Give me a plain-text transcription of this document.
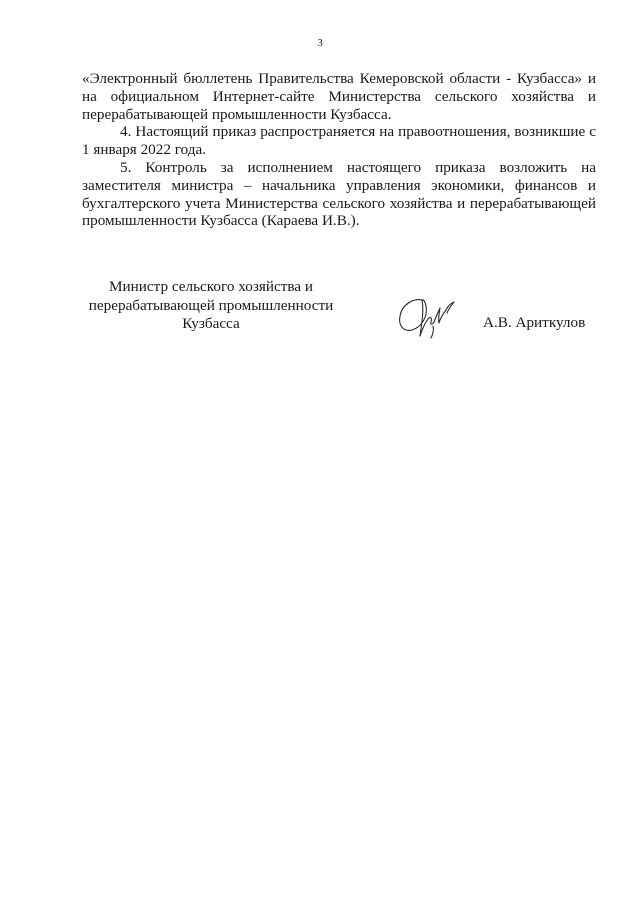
3

«Электронный бюллетень Правительства Кемеровской области - Кузбасса» и на официальном Интернет-сайте Министерства сельского хозяйства и перерабатывающей промышленности Кузбасса.

4. Настоящий приказ распространяется на правоотношения, возникшие с 1 января 2022 года.

5. Контроль за исполнением настоящего приказа возложить на заместителя министра – начальника управления экономики, финансов и бухгалтерского учета Министерства сельского хозяйства и перерабатывающей промышленности Кузбасса (Караева И.В.).

Министр сельского хозяйства и
перерабатывающей промышленности
Кузбасса	А.В. Ариткулов
